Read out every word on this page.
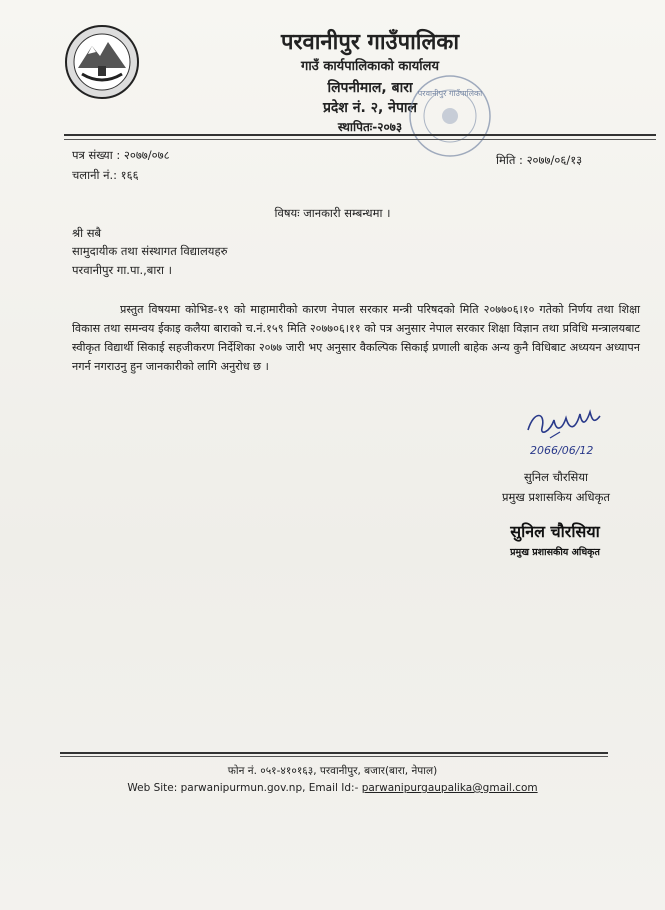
परवानीपुर गाउँपालिका
गाउँ कार्यपालिकाको कार्यालय
लिपनीमाल, बारा
प्रदेश नं. २, नेपाल
स्थापितः-२०७३
परवानीपुर गाउँपालिका
पत्र संख्या : २०७७/०७८
चलानी नं.: १६६
मिति : २०७७/०६/१३
विषयः जानकारी सम्बन्धमा ।
श्री सबै
सामुदायीक तथा संस्थागत विद्यालयहरु
परवानीपुर गा.पा.,बारा ।
प्रस्तुत विषयमा कोभिड-१९ को माहामारीको कारण नेपाल सरकार मन्त्री परिषदको मिति २०७७०६।१० गतेको निर्णय तथा शिक्षा विकास तथा समन्वय ईकाइ कलैया बाराको च.नं.१५९ मिति २०७७०६।११ को पत्र अनुसार नेपाल सरकार शिक्षा विज्ञान तथा प्रविधि मन्त्रालयबाट स्वीकृत विद्यार्थी सिकाई सहजीकरण निर्देशिका २०७७ जारी भए अनुसार वैकल्पिक सिकाई प्रणाली बाहेक अन्य कुनै विधिबाट अध्ययन अध्यापन नगर्न नगराउनु हुन जानकारीको लागि अनुरोध छ ।
2066/06/12
सुनिल चौरसिया
प्रमुख प्रशासकिय अधिकृत
सुनिल चौरसिया
प्रमुख प्रशासकीय अधिकृत
फोन नं. ०५१-४१०१६३, परवानीपुर, बजार(बारा, नेपाल)
Web Site: parwanipurmun.gov.np, Email Id:- parwanipurgaupalika@gmail.com
